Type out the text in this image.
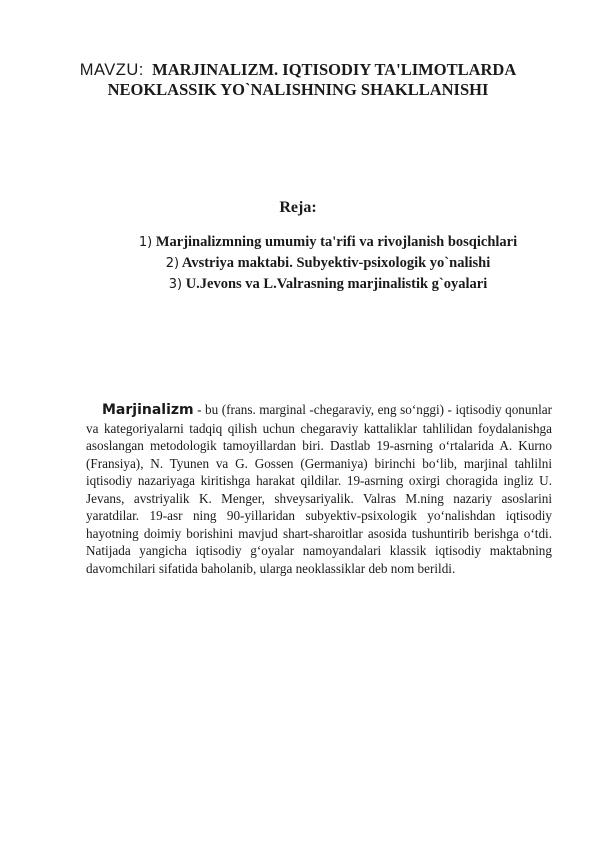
MAVZU: MARJINALIZM. IQTISODIY TA'LIMOTLARDA NEOKLASSIK YO`NALISHNING SHAKLLANISHI
Reja:
1) Marjinalizmning umumiy ta'rifi va rivojlanish bosqichlari
2) Avstriya maktabi. Subyektiv-psixologik yo`nalishi
3) U.Jevons va L.Valrasning marjinalistik g`oyalari

Marjinalizm - bu (frans. marginal -chegaraviy, eng so‘nggi) - iqtisodiy qonunlar va kategoriyalarni tadqiq qilish uchun chegaraviy kattaliklar tahlilidan foydalanishga asoslangan metodologik tamoyillardan biri. Dastlab 19-asrning o‘rtalarida A. Kurno (Fransiya), N. Tyunen va G. Gossen (Germaniya) birinchi bo‘lib, marjinal tahlilni iqtisodiy nazariyaga kiritishga harakat qildilar. 19-asrning oxirgi choragida ingliz U. Jevans, avstriyalik K. Menger, shveysariyalik. Valras M.ning nazariy asoslarini yaratdilar. 19-asr ning 90-yillaridan subyektiv-psixologik yo‘nalishdan iqtisodiy hayotning doimiy borishini mavjud shart-sharoitlar asosida tushuntirib berishga o‘tdi. Natijada yangicha iqtisodiy g‘oyalar namoyandalari klassik iqtisodiy maktabning davomchilari sifatida baholanib, ularga neoklassiklar deb nom berildi.
